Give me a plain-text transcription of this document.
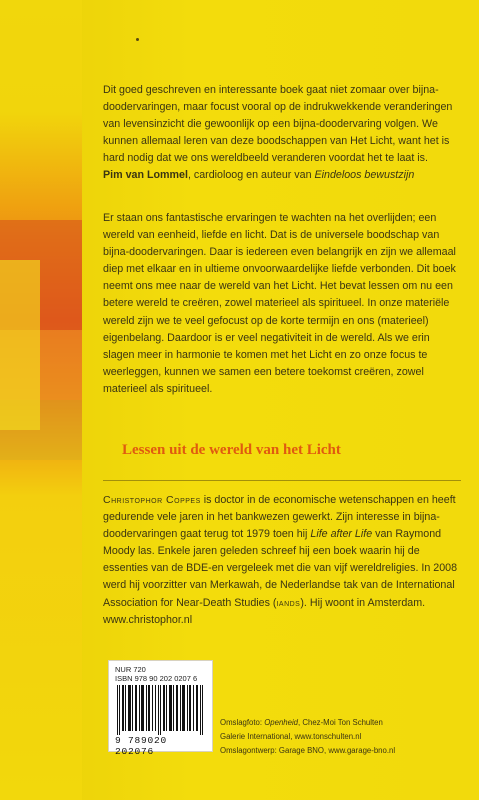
Dit goed geschreven en interessante boek gaat niet zomaar over bijna-doodervaringen, maar focust vooral op de indrukwekkende veranderingen van levensinzicht die gewoonlijk op een bijna-doodervaring volgen. We kunnen allemaal leren van deze boodschappen van Het Licht, want het is hard nodig dat we ons wereldbeeld veranderen voordat het te laat is.
Pim van Lommel, cardioloog en auteur van Eindeloos bewustzijn

Er staan ons fantastische ervaringen te wachten na het overlijden; een wereld van eenheid, liefde en licht. Dat is de universele boodschap van bijna-doodervaringen. Daar is iedereen even belangrijk en zijn we allemaal diep met elkaar en in ultieme onvoorwaardelijke liefde verbonden. Dit boek neemt ons mee naar de wereld van het Licht. Het bevat lessen om nu een betere wereld te creëren, zowel materieel als spiritueel. In onze materiële wereld zijn we te veel gefocust op de korte termijn en ons (materieel) eigenbelang. Daardoor is er veel negativiteit in de wereld. Als we erin slagen meer in harmonie te komen met het Licht en zo onze focus te weerleggen, kunnen we samen een betere toekomst creëren, zowel materieel als spiritueel.

Christophor Coppes is doctor in de economische wetenschappen en heeft gedurende vele jaren in het bankwezen gewerkt. Zijn interesse in bijna-doodervaringen gaat terug tot 1979 toen hij Life after Life van Raymond Moody las. Enkele jaren geleden schreef hij een boek waarin hij de essenties van de BDE-en vergeleek met die van vijf wereldreligies. In 2008 werd hij voorzitter van Merkawah, de Nederlandse tak van de International Association for Near-Death Studies (iands). Hij woont in Amsterdam. www.christophor.nl

Lessen uit de wereld van het Licht
NUR 720
ISBN 978 90 202 0207 6
9 789020 202076
Omslagfoto: Openheid, Chez-Moi Ton Schulten
Galerie International, www.tonschulten.nl
Omslagontwerp: Garage BNO, www.garage-bno.nl
